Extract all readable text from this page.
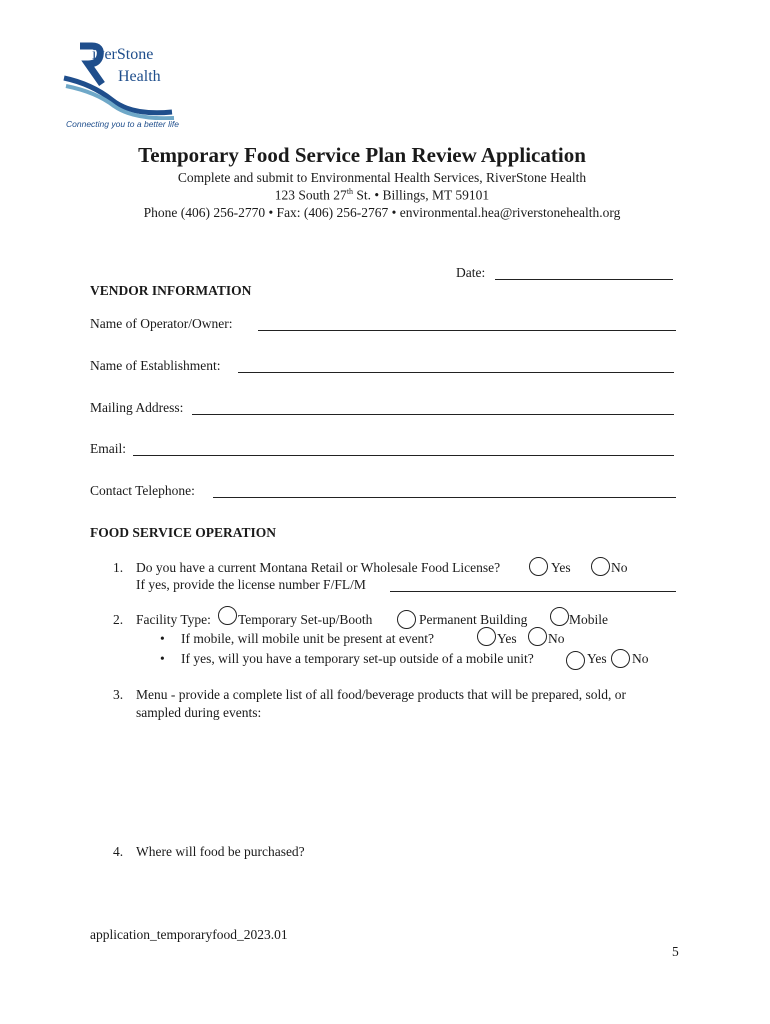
iverStone
Health
Connecting you to a better life
Temporary Food Service Plan Review Application
Complete and submit to Environmental Health Services, RiverStone Health
123 South 27th St. • Billings, MT 59101
Phone (406) 256-2770 • Fax: (406) 256-2767 • environmental.hea@riverstonehealth.org
Date:
VENDOR INFORMATION
Name of Operator/Owner:
Name of Establishment:
Mailing Address:
Email:
Contact Telephone:
FOOD SERVICE OPERATION
1. Do you have a current Montana Retail or Wholesale Food License?	Yes	No
If yes, provide the license number F/FL/M
2. Facility Type: Temporary Set-up/Booth	Permanent Building	Mobile
• If mobile, will mobile unit be present at event?	Yes No
• If yes, will you have a temporary set-up outside of a mobile unit?	Yes No
3. Menu - provide a complete list of all food/beverage products that will be prepared, sold, or
sampled during events:
4. Where will food be purchased?
application_temporaryfood_2023.01
5
